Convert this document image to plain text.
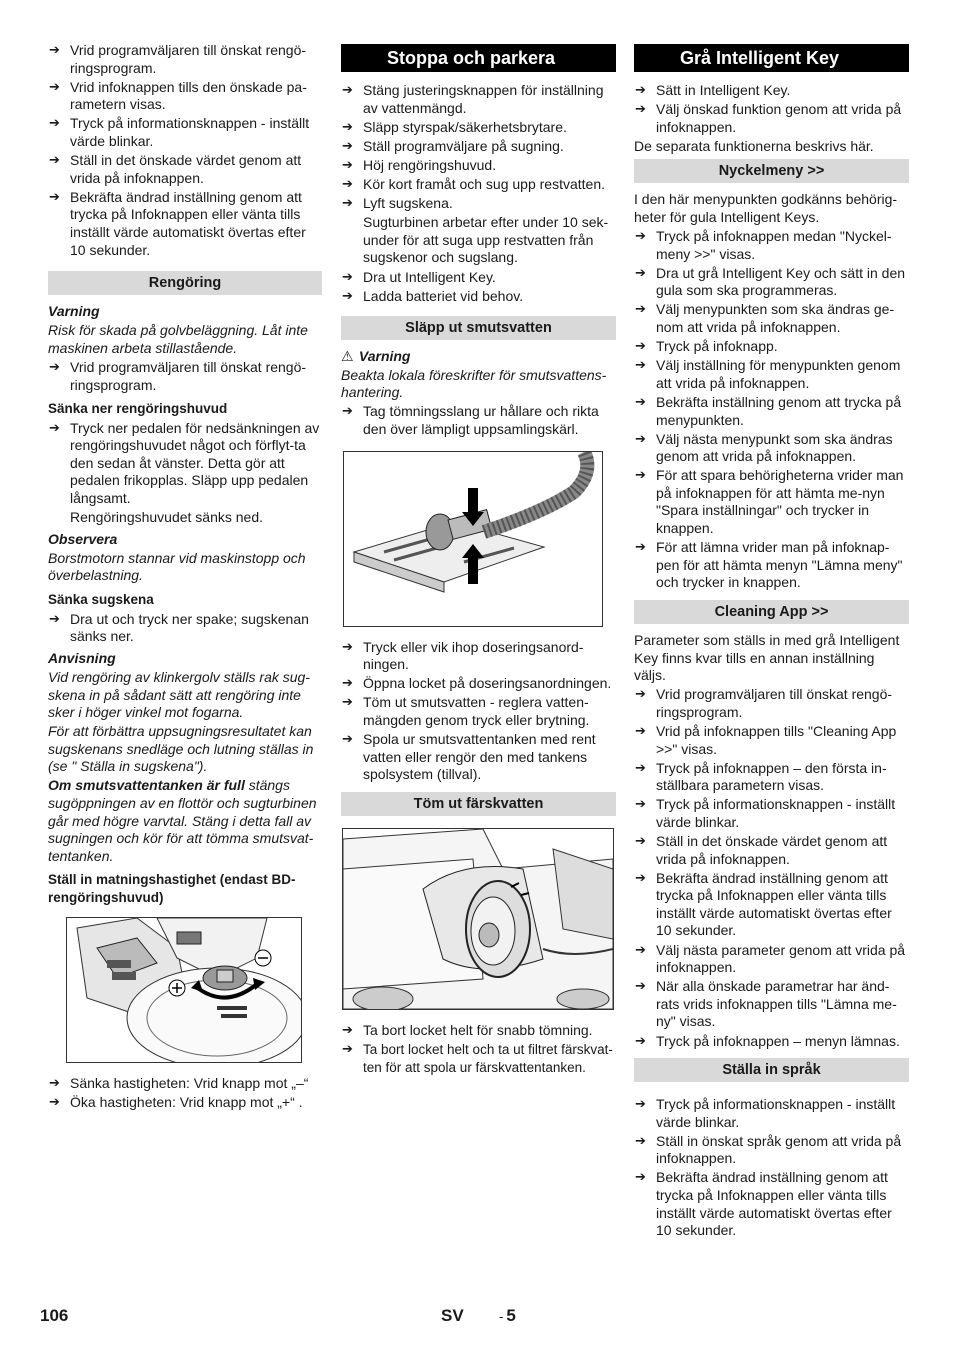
➔ Vrid programväljaren till önskat rengö-ringsprogram.
➔ Vrid infoknappen tills den önskade pa-rametern visas.
➔ Tryck på informationsknappen - inställt värde blinkar.
➔ Ställ in det önskade värdet genom att vrida på infoknappen.
➔ Bekräfta ändrad inställning genom att trycka på Infoknappen eller vänta tills inställt värde automatiskt övertas efter 10 sekunder.
Rengöring
Varning
Risk för skada på golvbeläggning. Låt inte maskinen arbeta stillastående.
➔ Vrid programväljaren till önskat rengö-ringsprogram.
Sänka ner rengöringshuvud
➔ Tryck ner pedalen för nedsänkningen av rengöringshuvudet något och förflyt-ta den sedan åt vänster. Detta gör att pedalen frikopplas. Släpp upp pedalen långsamt.
Rengöringshuvudet sänks ned.
Observera
Borstmotorn stannar vid maskinstopp och överbelastning.
Sänka sugskena
➔ Dra ut och tryck ner spake; sugskenan sänks ner.
Anvisning
Vid rengöring av klinkergolv ställs rak sug-skena in på sådant sätt att rengöring inte sker i höger vinkel mot fogarna.
För att förbättra uppsugningsresultatet kan sugskenans snedläge och lutning ställas in (se " Ställa in sugskena").
Om smutsvattentanken är full stängs sugöppningen av en flottör och sugturbinen går med högre varvtal. Stäng i detta fall av sugningen och kör för att tömma smutsvat-tentanken.
Ställ in matningshastighet (endast BD-rengöringshuvud)
➔ Sänka hastigheten: Vrid knapp mot „–“
➔ Öka hastigheten: Vrid knapp mot „+“ .
Stoppa och parkera
➔ Stäng justeringsknappen för inställning av vattenmängd.
➔ Släpp styrspak/säkerhetsbrytare.
➔ Ställ programväljare på sugning.
➔ Höj rengöringshuvud.
➔ Kör kort framåt och sug upp restvatten.
➔ Lyft sugskena.
Sugturbinen arbetar efter under 10 sek-under för att suga upp restvatten från sugskenor och sugslang.
➔ Dra ut Intelligent Key.
➔ Ladda batteriet vid behov.
Släpp ut smutsvatten
⚠ Varning
Beakta lokala föreskrifter för smutsvattens-hantering.
➔ Tag tömningsslang ur hållare och rikta den över lämpligt uppsamlingskärl.
➔ Tryck eller vik ihop doseringsanord-ningen.
➔ Öppna locket på doseringsanordningen.
➔ Töm ut smutsvatten - reglera vatten-mängden genom tryck eller brytning.
➔ Spola ur smutsvattentanken med rent vatten eller rengör den med tankens spolsystem (tillval).
Töm ut färskvatten
➔ Ta bort locket helt för snabb tömning.
➔ Ta bort locket helt och ta ut filtret färskvat-ten för att spola ur färskvattentanken.
Grå Intelligent Key
➔ Sätt in Intelligent Key.
➔ Välj önskad funktion genom att vrida på infoknappen.
De separata funktionerna beskrivs här.
Nyckelmeny >>
I den här menypunkten godkänns behörig-heter för gula Intelligent Keys.
➔ Tryck på infoknappen medan "Nyckel-meny >>" visas.
➔ Dra ut grå Intelligent Key och sätt in den gula som ska programmeras.
➔ Välj menypunkten som ska ändras ge-nom att vrida på infoknappen.
➔ Tryck på infoknapp.
➔ Välj inställning för menypunkten genom att vrida på infoknappen.
➔ Bekräfta inställning genom att trycka på menypunkten.
➔ Välj nästa menypunkt som ska ändras genom att vrida på infoknappen.
➔ För att spara behörigheterna vrider man på infoknappen för att hämta me-nyn "Spara inställningar" och trycker in knappen.
➔ För att lämna vrider man på infoknap-pen för att hämta menyn "Lämna meny" och trycker in knappen.
Cleaning App >>
Parameter som ställs in med grå Intelligent Key finns kvar tills en annan inställning väljs.
➔ Vrid programväljaren till önskat rengö-ringsprogram.
➔ Vrid på infoknappen tills "Cleaning App >>" visas.
➔ Tryck på infoknappen – den första in-ställbara parametern visas.
➔ Tryck på informationsknappen - inställt värde blinkar.
➔ Ställ in det önskade värdet genom att vrida på infoknappen.
➔ Bekräfta ändrad inställning genom att trycka på Infoknappen eller vänta tills inställt värde automatiskt övertas efter 10 sekunder.
➔ Välj nästa parameter genom att vrida på infoknappen.
➔ När alla önskade parametrar har änd-rats vrids infoknappen tills "Lämna me-ny" visas.
➔ Tryck på infoknappen – menyn lämnas.
Ställa in språk
➔ Tryck på informationsknappen - inställt värde blinkar.
➔ Ställ in önskat språk genom att vrida på infoknappen.
➔ Bekräfta ändrad inställning genom att trycka på Infoknappen eller vänta tills inställt värde automatiskt övertas efter 10 sekunder.
106	SV	- 5
